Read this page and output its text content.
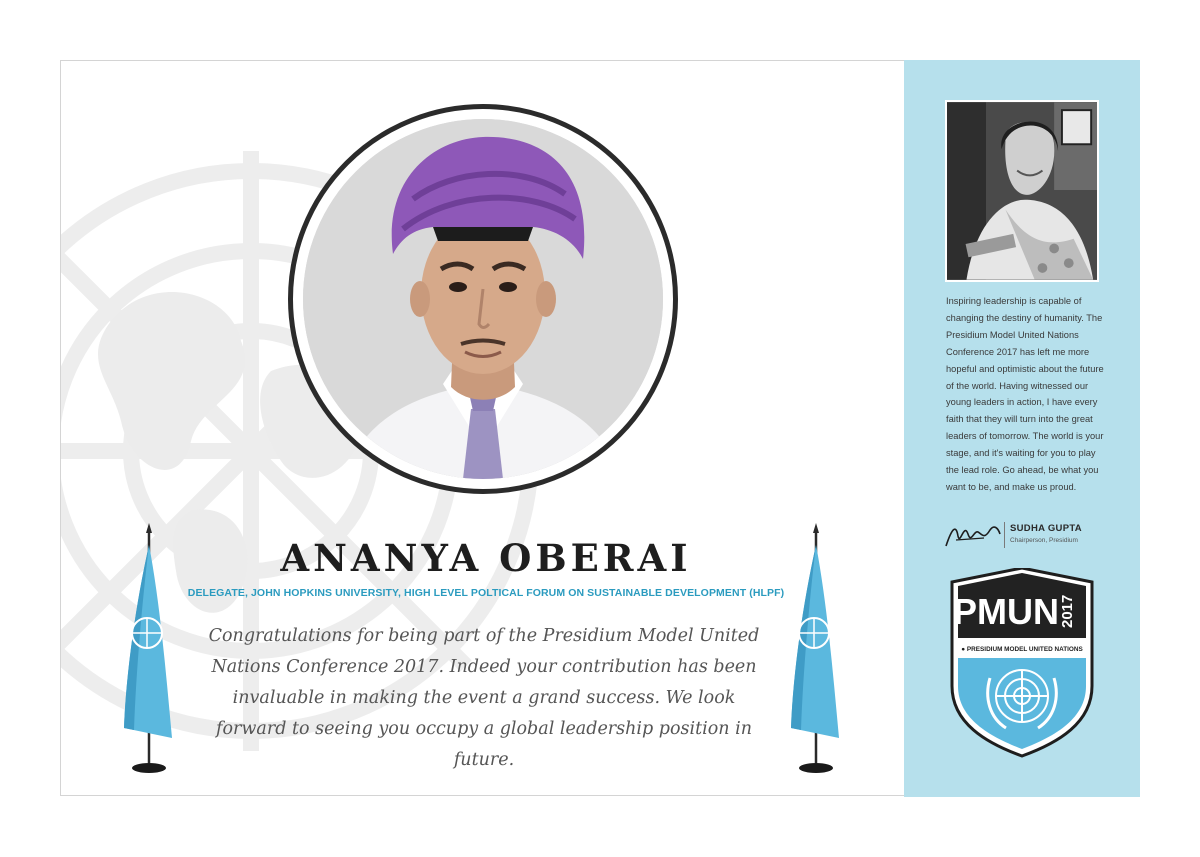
ANANYA OBERAI
DELEGATE, JOHN HOPKINS UNIVERSITY, HIGH LEVEL POLTICAL FORUM ON SUSTAINABLE DEVELOPMENT (HLPF)

Congratulations for being part of the Presidium Model United Nations Conference 2017. Indeed your contribution has been invaluable in making the event a grand success. We look forward to seeing you occupy a global leadership position in future.

Inspiring leadership is capable of changing the destiny of humanity. The Presidium Model United Nations Conference 2017 has left me more hopeful and optimistic about the future of the world. Having witnessed our young leaders in action, I have every faith that they will turn into the great leaders of tomorrow. The world is your stage, and it's waiting for you to play the lead role. Go ahead, be what you want to be, and make us proud.

SUDHA GUPTA
Chairperson, Presidium
PMUN 2017
● PRESIDIUM MODEL UNITED NATIONS
